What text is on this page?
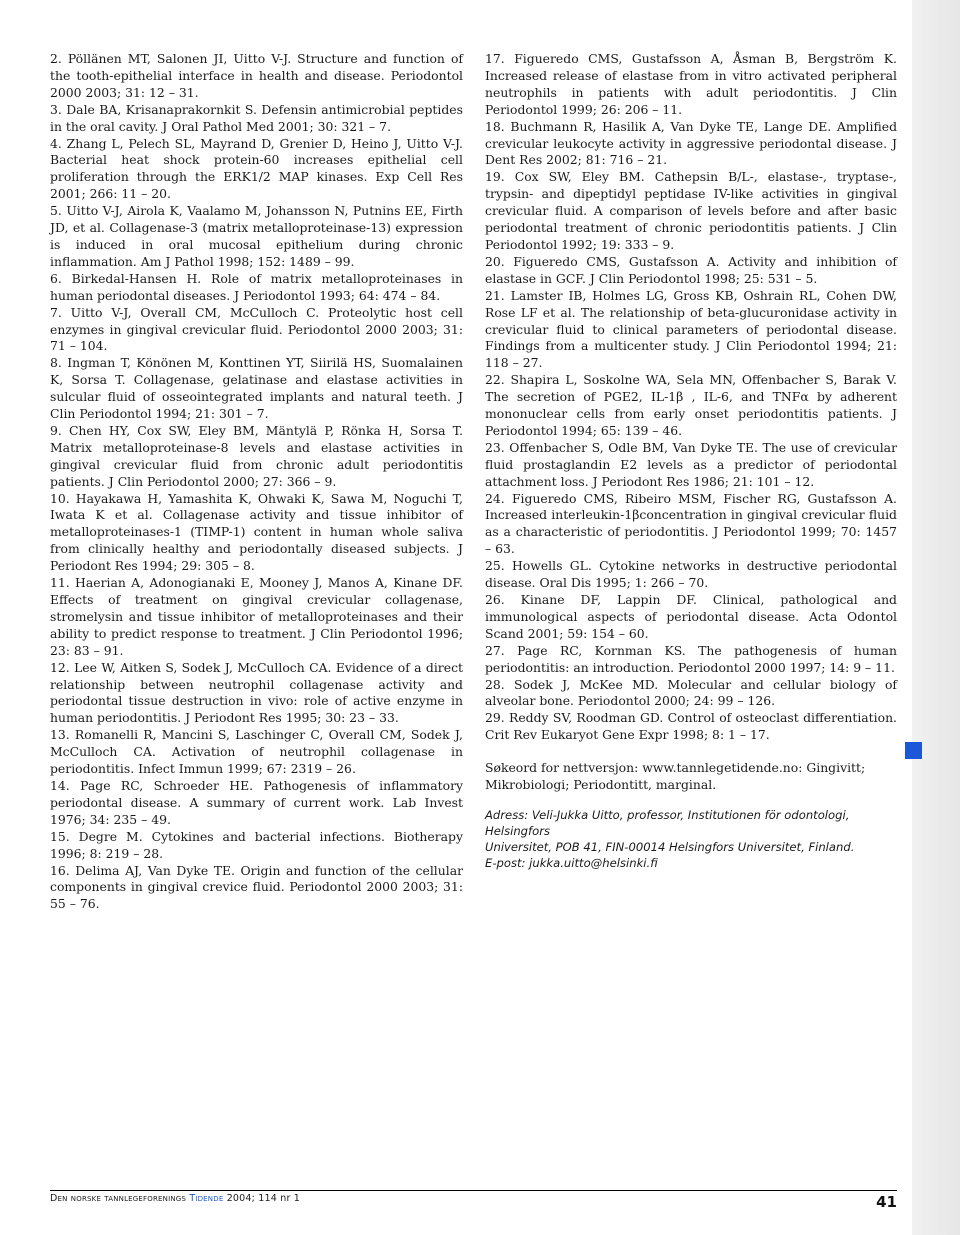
2. Pöllänen MT, Salonen JI, Uitto V-J. Structure and function of the tooth-epithelial interface in health and disease. Periodontol 2000 2003; 31: 12 – 31.

3. Dale BA, Krisanaprakornkit S. Defensin antimicrobial peptides in the oral cavity. J Oral Pathol Med 2001; 30: 321 – 7.

4. Zhang L, Pelech SL, Mayrand D, Grenier D, Heino J, Uitto V-J. Bacterial heat shock protein-60 increases epithelial cell proliferation through the ERK1/2 MAP kinases. Exp Cell Res 2001; 266: 11 – 20.

5. Uitto V-J, Airola K, Vaalamo M, Johansson N, Putnins EE, Firth JD, et al. Collagenase-3 (matrix metalloproteinase-13) expression is induced in oral mucosal epithelium during chronic inflammation. Am J Pathol 1998; 152: 1489 – 99.

6. Birkedal-Hansen H. Role of matrix metalloproteinases in human periodontal diseases. J Periodontol 1993; 64: 474 – 84.

7. Uitto V-J, Overall CM, McCulloch C. Proteolytic host cell enzymes in gingival crevicular fluid. Periodontol 2000 2003; 31: 71 – 104.

8. Ingman T, Könönen M, Konttinen YT, Siirilä HS, Suomalainen K, Sorsa T. Collagenase, gelatinase and elastase activities in sulcular fluid of osseointegrated implants and natural teeth. J Clin Periodontol 1994; 21: 301 – 7.

9. Chen HY, Cox SW, Eley BM, Mäntylä P, Rönka H, Sorsa T. Matrix metalloproteinase-8 levels and elastase activities in gingival crevicular fluid from chronic adult periodontitis patients. J Clin Periodontol 2000; 27: 366 – 9.

10. Hayakawa H, Yamashita K, Ohwaki K, Sawa M, Noguchi T, Iwata K et al. Collagenase activity and tissue inhibitor of metalloproteinases-1 (TIMP-1) content in human whole saliva from clinically healthy and periodontally diseased subjects. J Periodont Res 1994; 29: 305 – 8.

11. Haerian A, Adonogianaki E, Mooney J, Manos A, Kinane DF. Effects of treatment on gingival crevicular collagenase, stromelysin and tissue inhibitor of metalloproteinases and their ability to predict response to treatment. J Clin Periodontol 1996; 23: 83 – 91.

12. Lee W, Aitken S, Sodek J, McCulloch CA. Evidence of a direct relationship between neutrophil collagenase activity and periodontal tissue destruction in vivo: role of active enzyme in human periodontitis. J Periodont Res 1995; 30: 23 – 33.

13. Romanelli R, Mancini S, Laschinger C, Overall CM, Sodek J, McCulloch CA. Activation of neutrophil collagenase in periodontitis. Infect Immun 1999; 67: 2319 – 26.

14. Page RC, Schroeder HE. Pathogenesis of inflammatory periodontal disease. A summary of current work. Lab Invest 1976; 34: 235 – 49.

15. Degre M. Cytokines and bacterial infections. Biotherapy 1996; 8: 219 – 28.

16. Delima AJ, Van Dyke TE. Origin and function of the cellular components in gingival crevice fluid. Periodontol 2000 2003; 31: 55 – 76.

17. Figueredo CMS, Gustafsson A, Åsman B, Bergström K. Increased release of elastase from in vitro activated peripheral neutrophils in patients with adult periodontitis. J Clin Periodontol 1999; 26: 206 – 11.

18. Buchmann R, Hasilik A, Van Dyke TE, Lange DE. Amplified crevicular leukocyte activity in aggressive periodontal disease. J Dent Res 2002; 81: 716 – 21.

19. Cox SW, Eley BM. Cathepsin B/L-, elastase-, tryptase-, trypsin- and dipeptidyl peptidase IV-like activities in gingival crevicular fluid. A comparison of levels before and after basic periodontal treatment of chronic periodontitis patients. J Clin Periodontol 1992; 19: 333 – 9.

20. Figueredo CMS, Gustafsson A. Activity and inhibition of elastase in GCF. J Clin Periodontol 1998; 25: 531 – 5.

21. Lamster IB, Holmes LG, Gross KB, Oshrain RL, Cohen DW, Rose LF et al. The relationship of beta-glucuronidase activity in crevicular fluid to clinical parameters of periodontal disease. Findings from a multicenter study. J Clin Periodontol 1994; 21: 118 – 27.

22. Shapira L, Soskolne WA, Sela MN, Offenbacher S, Barak V. The secretion of PGE2, IL-1β , IL-6, and TNFα by adherent mononuclear cells from early onset periodontitis patients. J Periodontol 1994; 65: 139 – 46.

23. Offenbacher S, Odle BM, Van Dyke TE. The use of crevicular fluid prostaglandin E2 levels as a predictor of periodontal attachment loss. J Periodont Res 1986; 21: 101 – 12.

24. Figueredo CMS, Ribeiro MSM, Fischer RG, Gustafsson A. Increased interleukin-1βconcentration in gingival crevicular fluid as a characteristic of periodontitis. J Periodontol 1999; 70: 1457 – 63.

25. Howells GL. Cytokine networks in destructive periodontal disease. Oral Dis 1995; 1: 266 – 70.

26. Kinane DF, Lappin DF. Clinical, pathological and immunological aspects of periodontal disease. Acta Odontol Scand 2001; 59: 154 – 60.

27. Page RC, Kornman KS. The pathogenesis of human periodontitis: an introduction. Periodontol 2000 1997; 14: 9 – 11.

28. Sodek J, McKee MD. Molecular and cellular biology of alveolar bone. Periodontol 2000; 24: 99 – 126.

29. Reddy SV, Roodman GD. Control of osteoclast differentiation. Crit Rev Eukaryot Gene Expr 1998; 8: 1 – 17.

Søkeord for nettversjon: www.tannlegetidende.no: Gingivitt; Mikrobiologi; Periodontitt, marginal.

Adress: Veli-Jukka Uitto, professor, Institutionen för odontologi, Helsingfors
Universitet, POB 41, FIN-00014 Helsingfors Universitet, Finland.
E-post: jukka.uitto@helsinki.fi
Den norske tannlegeforenings Tidende 2004; 114 nr 1	41
